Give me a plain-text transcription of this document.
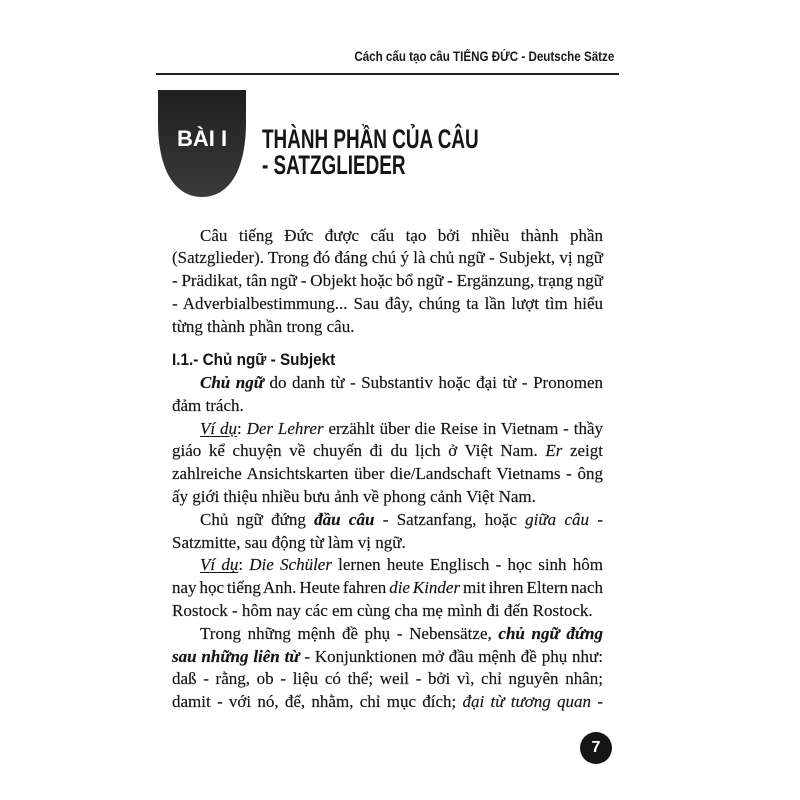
Cách cấu tạo câu TIẾNG ĐỨC - Deutsche Sätze
BÀI I	THÀNH PHẦN CỦA CÂU
- SATZGLIEDER
Câu tiếng Đức được cấu tạo bởi nhiều thành phần
(Satzglieder). Trong đó đáng chú ý là chủ ngữ - Subjekt, vị ngữ
- Prädikat, tân ngữ - Objekt hoặc bổ ngữ - Ergänzung, trạng ngữ
- Adverbialbestimmung... Sau đây, chúng ta lần lượt tìm hiểu
từng thành phần trong câu.
I.1.- Chủ ngữ - Subjekt
Chủ ngữ do danh từ - Substantiv hoặc đại từ - Pronomen
đảm trách.
Ví dụ: Der Lehrer erzählt über die Reise in Vietnam - thầy
giáo kể chuyện về chuyến đi du lịch ở Việt Nam. Er zeigt
zahlreiche Ansichtskarten über die/Landschaft Vietnams - ông
ấy giới thiệu nhiều bưu ảnh về phong cảnh Việt Nam.
Chủ ngữ đứng đầu câu - Satzanfang, hoặc giữa câu -
Satzmitte, sau động từ làm vị ngữ.
Ví dụ: Die Schüler lernen heute Englisch - học sinh hôm
nay học tiếng Anh. Heute fahren die Kinder mit ihren Eltern nach
Rostock - hôm nay các em cùng cha mẹ mình đi đến Rostock.
Trong những mệnh đề phụ - Nebensätze, chủ ngữ đứng
sau những liên từ - Konjunktionen mở đầu mệnh đề phụ như:
daß - rằng, ob - liệu có thể; weil - bởi vì, chỉ nguyên nhân;
damit - với nó, để, nhằm, chỉ mục đích; đại từ tương quan -
7
